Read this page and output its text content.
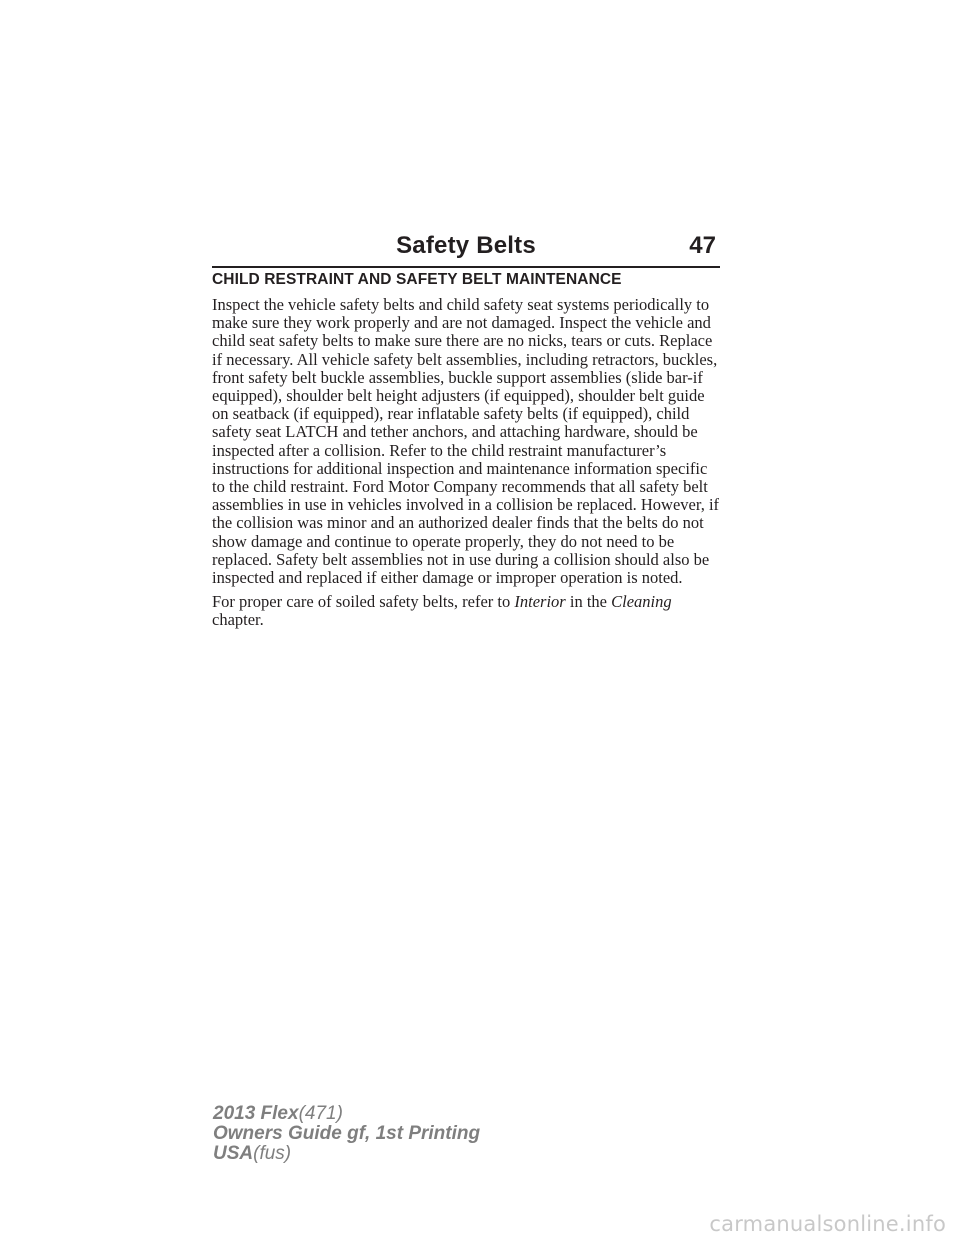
Safety Belts	47
CHILD RESTRAINT AND SAFETY BELT MAINTENANCE

Inspect the vehicle safety belts and child safety seat systems periodically to make sure they work properly and are not damaged. Inspect the vehicle and child seat safety belts to make sure there are no nicks, tears or cuts. Replace if necessary. All vehicle safety belt assemblies, including retractors, buckles, front safety belt buckle assemblies, buckle support assemblies (slide bar-if equipped), shoulder belt height adjusters (if equipped), shoulder belt guide on seatback (if equipped), rear inflatable safety belts (if equipped), child safety seat LATCH and tether anchors, and attaching hardware, should be inspected after a collision. Refer to the child restraint manufacturer’s instructions for additional inspection and maintenance information specific to the child restraint. Ford Motor Company recommends that all safety belt assemblies in use in vehicles involved in a collision be replaced. However, if the collision was minor and an authorized dealer finds that the belts do not show damage and continue to operate properly, they do not need to be replaced. Safety belt assemblies not in use during a collision should also be inspected and replaced if either damage or improper operation is noted.

For proper care of soiled safety belts, refer to Interior in the Cleaning chapter.

2013 Flex(471)
Owners Guide gf, 1st Printing
USA(fus)
carmanualsonline.info
